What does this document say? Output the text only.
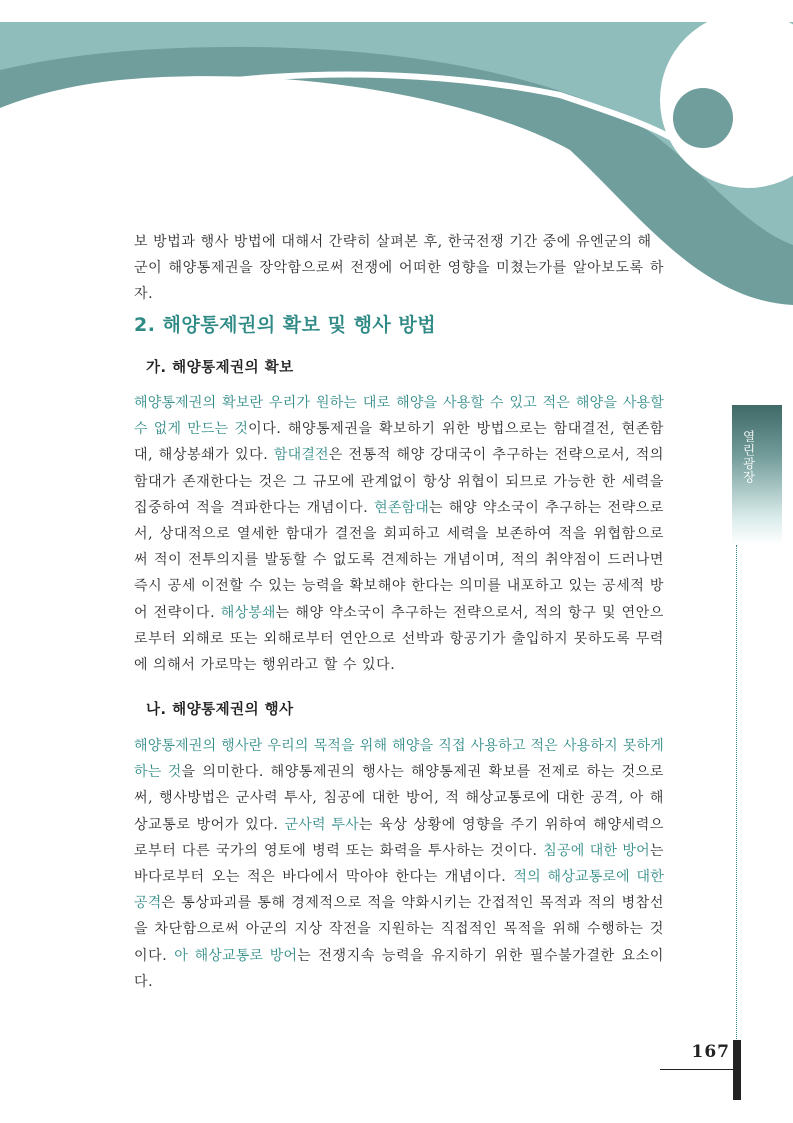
보 방법과 행사 방법에 대해서 간략히 살펴본 후, 한국전쟁 기간 중에 유엔군의 해
군이 해양통제권을 장악함으로써 전쟁에 어떠한 영향을 미쳤는가를 알아보도록 하자.

2. 해양통제권의 확보 및 행사 방법
가. 해양통제권의 확보

해양통제권의 확보란 우리가 원하는 대로 해양을 사용할 수 있고 적은 해양을 사용할 수 없게 만드는 것이다. 해양통제권을 확보하기 위한 방법으로는 함대결전, 현존함대, 해상봉쇄가 있다. 함대결전은 전통적 해양 강대국이 추구하는 전략으로서, 적의 함대가 존재한다는 것은 그 규모에 관계없이 항상 위협이 되므로 가능한 한 세력을 집중하여 적을 격파한다는 개념이다. 현존함대는 해양 약소국이 추구하는 전략으로서, 상대적으로 열세한 함대가 결전을 회피하고 세력을 보존하여 적을 위협함으로써 적이 전투의지를 발동할 수 없도록 견제하는 개념이며, 적의 취약점이 드러나면 즉시 공세 이전할 수 있는 능력을 확보해야 한다는 의미를 내포하고 있는 공세적 방어 전략이다. 해상봉쇄는 해양 약소국이 추구하는 전략으로서, 적의 항구 및 연안으로부터 외해로 또는 외해로부터 연안으로 선박과 항공기가 출입하지 못하도록 무력에 의해서 가로막는 행위라고 할 수 있다.

나. 해양통제권의 행사

해양통제권의 행사란 우리의 목적을 위해 해양을 직접 사용하고 적은 사용하지 못하게 하는 것을 의미한다. 해양통제권의 행사는 해양통제권 확보를 전제로 하는 것으로써, 행사방법은 군사력 투사, 침공에 대한 방어, 적 해상교통로에 대한 공격, 아 해상교통로 방어가 있다. 군사력 투사는 육상 상황에 영향을 주기 위하여 해양세력으로부터 다른 국가의 영토에 병력 또는 화력을 투사하는 것이다. 침공에 대한 방어는 바다로부터 오는 적은 바다에서 막아야 한다는 개념이다. 적의 해상교통로에 대한 공격은 통상파괴를 통해 경제적으로 적을 약화시키는 간접적인 목적과 적의 병참선을 차단함으로써 아군의 지상 작전을 지원하는 직접적인 목적을 위해 수행하는 것이다. 아 해상교통로 방어는 전쟁지속 능력을 유지하기 위한 필수불가결한 요소이다.

열린광장
167
